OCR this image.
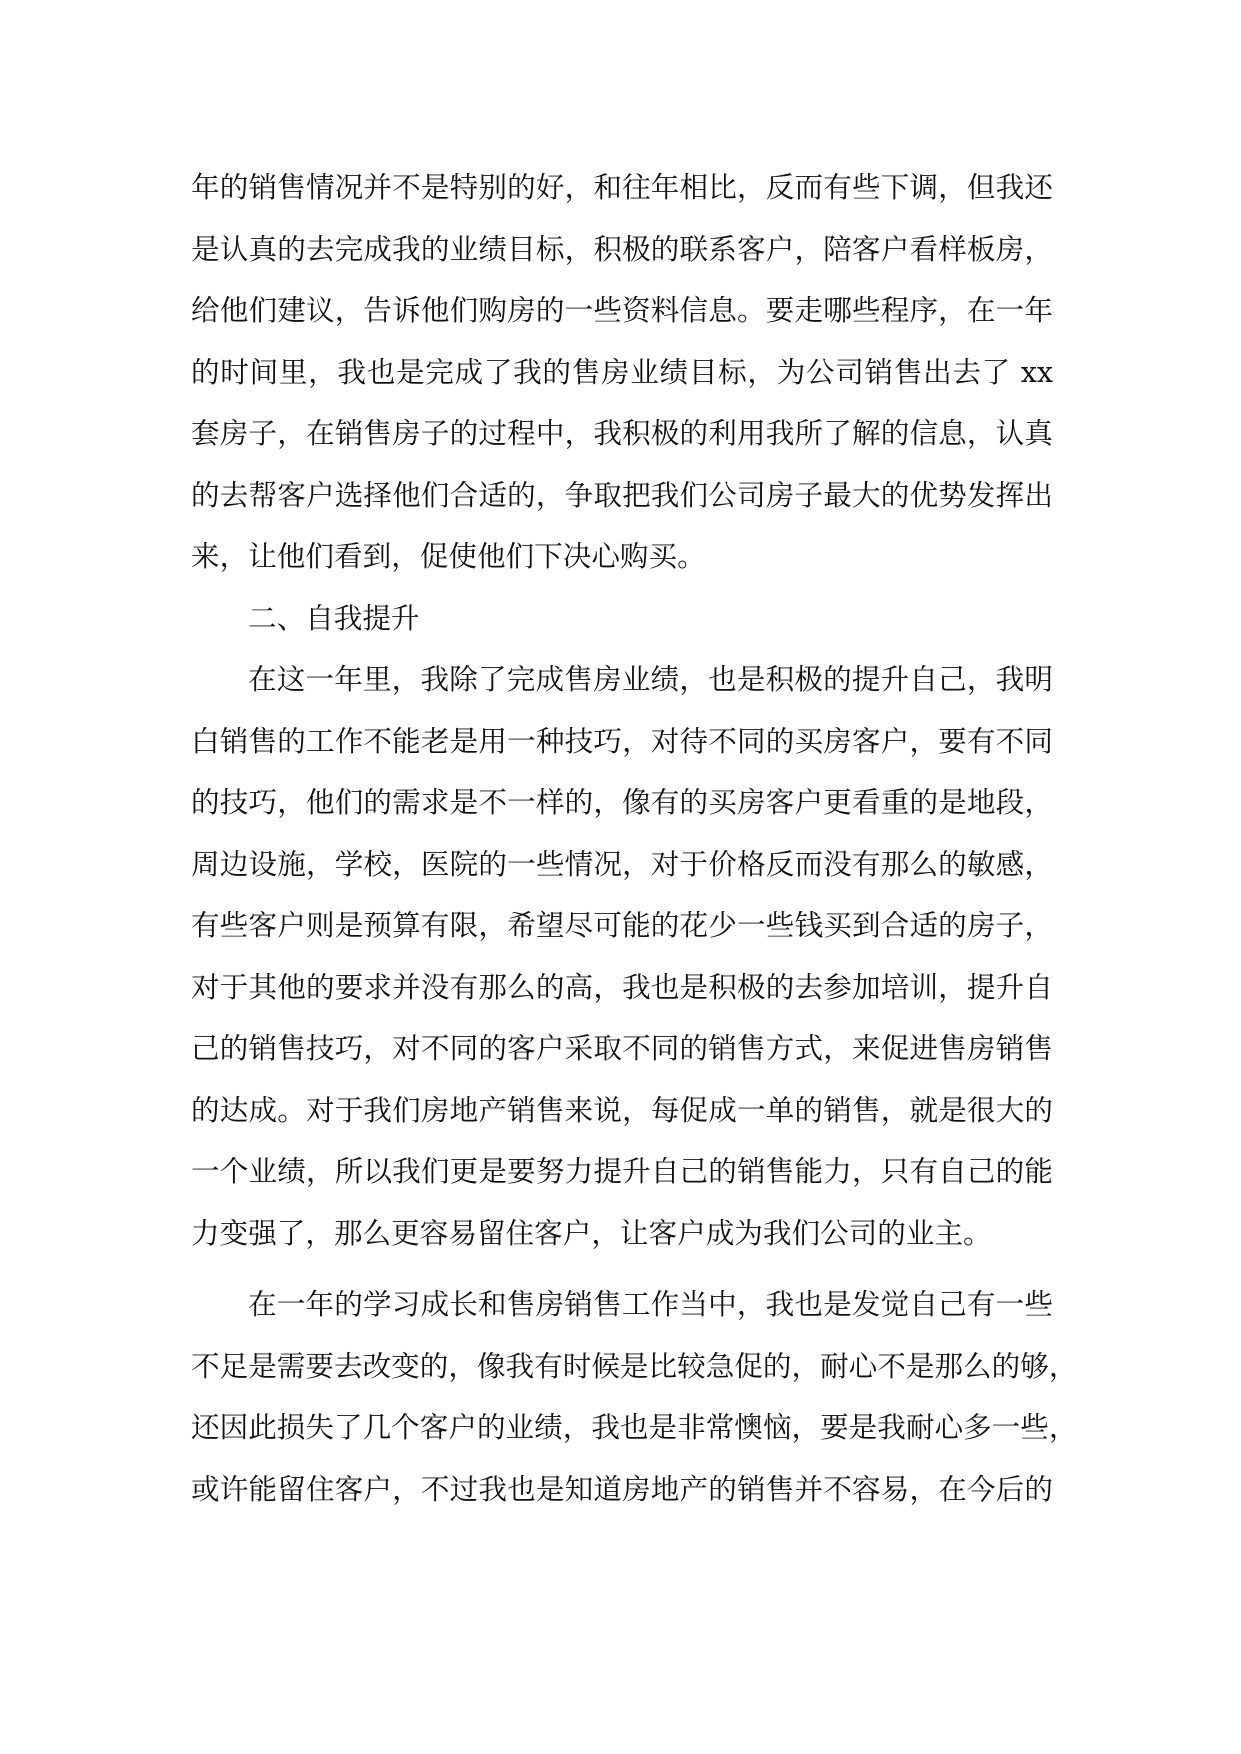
年的销售情况并不是特别的好，和往年相比，反而有些下调，但我还
是认真的去完成我的业绩目标，积极的联系客户，陪客户看样板房，
给他们建议，告诉他们购房的一些资料信息。要走哪些程序，在一年
的时间里，我也是完成了我的售房业绩目标，为公司销售出去了 xx
套房子，在销售房子的过程中，我积极的利用我所了解的信息，认真
的去帮客户选择他们合适的，争取把我们公司房子最大的优势发挥出
来，让他们看到，促使他们下决心购买。
二、自我提升
在这一年里，我除了完成售房业绩，也是积极的提升自己，我明
白销售的工作不能老是用一种技巧，对待不同的买房客户，要有不同
的技巧，他们的需求是不一样的，像有的买房客户更看重的是地段，
周边设施，学校，医院的一些情况，对于价格反而没有那么的敏感，
有些客户则是预算有限，希望尽可能的花少一些钱买到合适的房子，
对于其他的要求并没有那么的高，我也是积极的去参加培训，提升自
己的销售技巧，对不同的客户采取不同的销售方式，来促进售房销售
的达成。对于我们房地产销售来说，每促成一单的销售，就是很大的
一个业绩，所以我们更是要努力提升自己的销售能力，只有自己的能
力变强了，那么更容易留住客户，让客户成为我们公司的业主。
在一年的学习成长和售房销售工作当中，我也是发觉自己有一些
不足是需要去改变的，像我有时候是比较急促的，耐心不是那么的够，
还因此损失了几个客户的业绩，我也是非常懊恼，要是我耐心多一些，
或许能留住客户，不过我也是知道房地产的销售并不容易，在今后的
